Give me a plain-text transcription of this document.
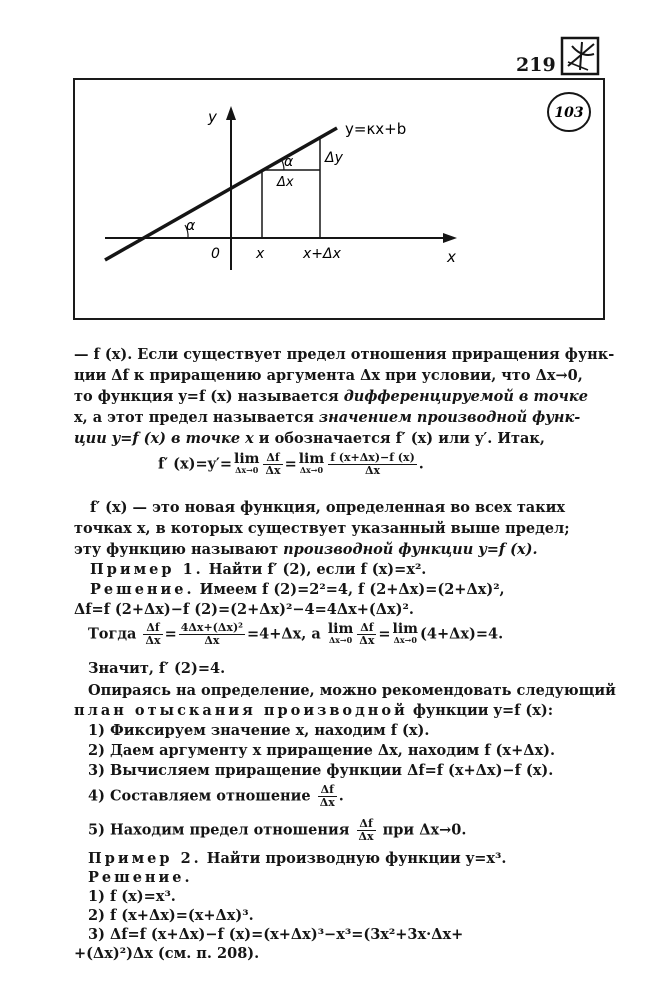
219
103
y=κx+b
y
x
0	x	x+Δx
α
α
Δx
Δy
— f (x). Если существует предел отношения приращения функ-
ции Δf к приращению аргумента Δx при условии, что Δx→0,
то функция y=f (x) называется дифференцируемой в точке
x, а этот предел называется значением производной функ-
ции y=f (x) в точке x и обозначается f′ (x) или y′. Итак,
f′ (x)=y′= lim
$\Delta x\to 0 \frac{\Delta f}{\Delta x} = \lim$
$\Delta x\to 0 \frac{f (x+\Delta x)-f (x)}{\Delta x}$ .
f′ (x) — это новая функция, определенная во всех таких
точках x, в которых существует указанный выше предел;
эту функцию называют производной функции y=f (x).
Пример 1. Найти f′ (2), если f (x)=x².
Решение. Имеем f (2)=2²=4, f (2+Δx)=(2+Δx)²,
Δf=f (2+Δx)−f (2)=(2+Δx)²−4=4Δx+(Δx)².
Тогда $\frac{\Delta f}{\Delta x} = \frac{\text{4Δx+(Δx)²}}{\Delta x} =4+\Delta x$, а lim
$\Delta x\to 0 \frac{\Delta f}{\Delta x} = \lim$
Δx→0 (4+Δx)=4.
Значит, f′ (2)=4.
Опираясь на определение, можно рекомендовать следующий
план отыскания производной функции y=f (x):
1) Фиксируем значение x, находим f (x).
2) Даем аргументу x приращение Δx, находим f (x+Δx).
3) Вычисляем приращение функции Δf=f (x+Δx)−f (x).
4) Составляем отношение $\frac{\Delta f}{\Delta x}$ .
5) Находим предел отношения $\frac{\Delta f}{\Delta x}$ при Δx→0.
Пример 2. Найти производную функции y=x³.
Решение.
1) f (x)=x³.
2) f (x+Δx)=(x+Δx)³.
3) Δf=f (x+Δx)−f (x)=(x+Δx)³−x³=(3x²+3x·Δx+
+(Δx)²)Δx (см. п. 208).
